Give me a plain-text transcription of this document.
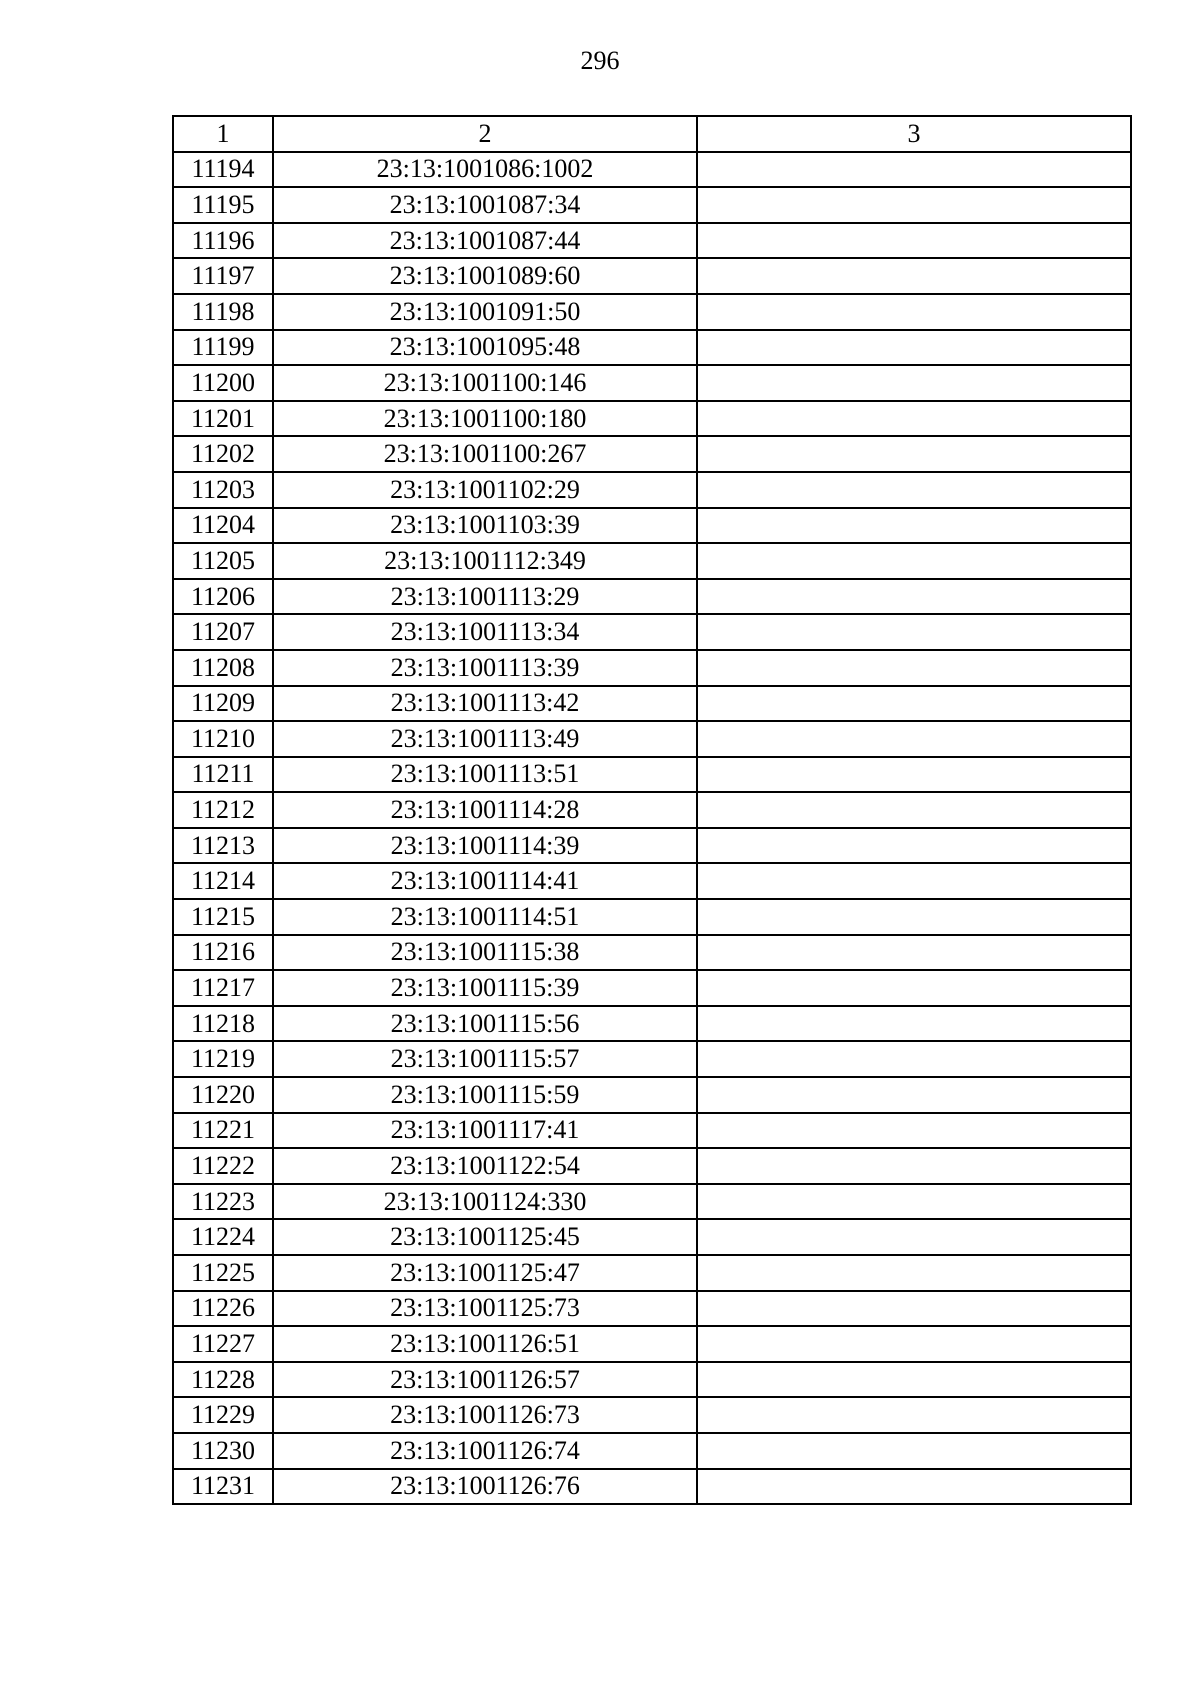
296
1	2	3
11194	23:13:1001086:1002	
11195	23:13:1001087:34	
11196	23:13:1001087:44	
11197	23:13:1001089:60	
11198	23:13:1001091:50	
11199	23:13:1001095:48	
11200	23:13:1001100:146	
11201	23:13:1001100:180	
11202	23:13:1001100:267	
11203	23:13:1001102:29	
11204	23:13:1001103:39	
11205	23:13:1001112:349	
11206	23:13:1001113:29	
11207	23:13:1001113:34	
11208	23:13:1001113:39	
11209	23:13:1001113:42	
11210	23:13:1001113:49	
11211	23:13:1001113:51	
11212	23:13:1001114:28	
11213	23:13:1001114:39	
11214	23:13:1001114:41	
11215	23:13:1001114:51	
11216	23:13:1001115:38	
11217	23:13:1001115:39	
11218	23:13:1001115:56	
11219	23:13:1001115:57	
11220	23:13:1001115:59	
11221	23:13:1001117:41	
11222	23:13:1001122:54	
11223	23:13:1001124:330	
11224	23:13:1001125:45	
11225	23:13:1001125:47	
11226	23:13:1001125:73	
11227	23:13:1001126:51	
11228	23:13:1001126:57	
11229	23:13:1001126:73	
11230	23:13:1001126:74	
11231	23:13:1001126:76	
